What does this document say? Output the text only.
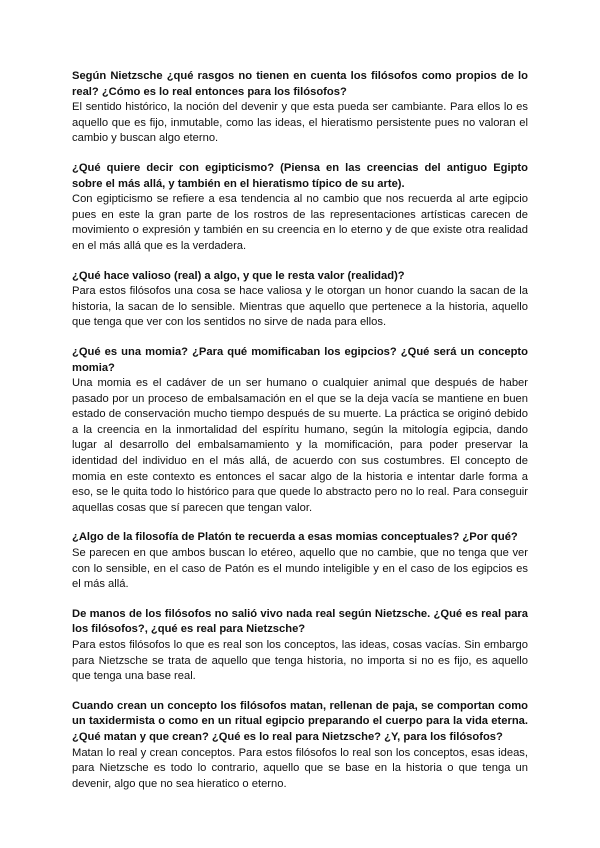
Según Nietzsche ¿qué rasgos no tienen en cuenta los filósofos como propios de lo real? ¿Cómo es lo real entonces para los filósofos?

El sentido histórico, la noción del devenir y que esta pueda ser cambiante. Para ellos lo es aquello que es fijo, inmutable, como las ideas, el hieratismo persistente pues no valoran el cambio y buscan algo eterno.

¿Qué quiere decir con egipticismo? (Piensa en las creencias del antiguo Egipto sobre el más allá, y también en el hieratismo típico de su arte).

Con egipticismo se refiere a esa tendencia al no cambio que nos recuerda al arte egipcio pues en este la gran parte de los rostros de las representaciones artísticas carecen de movimiento o expresión y también en su creencia en lo eterno y de que existe otra realidad en el más allá que es la verdadera.

¿Qué hace valioso (real) a algo, y que le resta valor (realidad)?

Para estos filósofos una cosa se hace valiosa y le otorgan un honor cuando la sacan de la historia, la sacan de lo sensible. Mientras que aquello que pertenece a la historia, aquello que tenga que ver con los sentidos no sirve de nada para ellos.

¿Qué es una momia? ¿Para qué momificaban los egipcios? ¿Qué será un concepto momia?

Una momia es el cadáver de un ser humano o cualquier animal que después de haber pasado por un proceso de embalsamación en el que se la deja vacía se mantiene en buen estado de conservación mucho tiempo después de su muerte. La práctica se originó debido a la creencia en la inmortalidad del espíritu humano, según la mitología egipcia, dando lugar al desarrollo del embalsamamiento y la momificación, para poder preservar la identidad del individuo en el más allá, de acuerdo con sus costumbres. El concepto de momia en este contexto es entonces el sacar algo de la historia e intentar darle forma a eso, se le quita todo lo histórico para que quede lo abstracto pero no lo real. Para conseguir aquellas cosas que sí parecen que tengan valor.

¿Algo de la filosofía de Platón te recuerda a esas momias conceptuales? ¿Por qué?

Se parecen en que ambos buscan lo etéreo, aquello que no cambie, que no tenga que ver con lo sensible, en el caso de Patón es el mundo inteligible y en el caso de los egipcios es el más allá.

De manos de los filósofos no salió vivo nada real según Nietzsche. ¿Qué es real para los filósofos?, ¿qué es real para Nietzsche?

Para estos filósofos lo que es real son los conceptos, las ideas, cosas vacías. Sin embargo para Nietzsche se trata de aquello que tenga historia, no importa si no es fijo, es aquello que tenga una base real.

Cuando crean un concepto los filósofos matan, rellenan de paja, se comportan como un taxidermista o como en un ritual egipcio preparando el cuerpo para la vida eterna. ¿Qué matan y que crean? ¿Qué es lo real para Nietzsche? ¿Y, para los filósofos?

Matan lo real y crean conceptos. Para estos filósofos lo real son los conceptos, esas ideas, para Nietzsche es todo lo contrario, aquello que se base en la historia o que tenga un devenir, algo que no sea hieratico o eterno.
